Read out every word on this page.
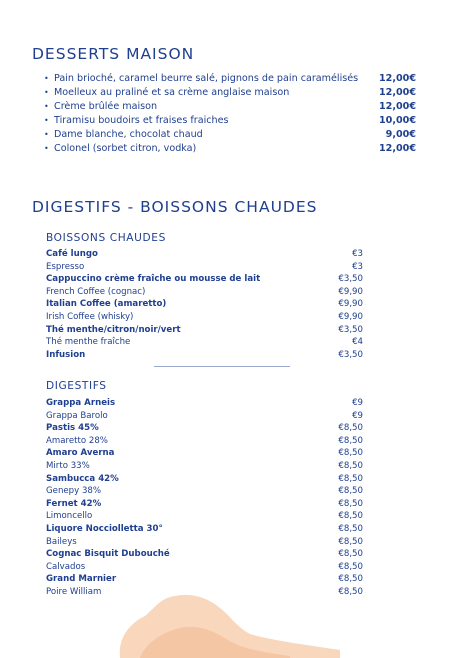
DESSERTS MAISON
• Pain brioché, caramel beurre salé, pignons de pain caramélisés 12,00€
• Moelleux au praliné et sa crème anglaise maison	12,00€
• Crème brûlée maison	12,00€
• Tiramisu boudoirs et fraises fraiches	10,00€
• Dame blanche, chocolat chaud	9,00€
• Colonel (sorbet citron, vodka)	12,00€
DIGESTIFS - BOISSONS CHAUDES
BOISSONS CHAUDES
Café lungo	€3
Espresso	€3
Cappuccino crème fraîche ou mousse de lait	€3,50
French Coffee (cognac)	€9,90
Italian Coffee (amaretto)	€9,90
Irish Coffee (whisky)	€9,90
Thé menthe/citron/noir/vert	€3,50
Thé menthe fraîche	€4
Infusion	€3,50
DIGESTIFS
Grappa Arneis	€9
Grappa Barolo	€9
Pastis 45%	€8,50
Amaretto 28%	€8,50
Amaro Averna	€8,50
Mirto 33%	€8,50
Sambucca 42%	€8,50
Genepy 38%	€8,50
Fernet 42%	€8,50
Limoncello	€8,50
Liquore Nocciolletta 30°	€8,50
Baileys	€8,50
Cognac Bisquit Dubouché	€8,50
Calvados	€8,50
Grand Marnier	€8,50
Poire William	€8,50
